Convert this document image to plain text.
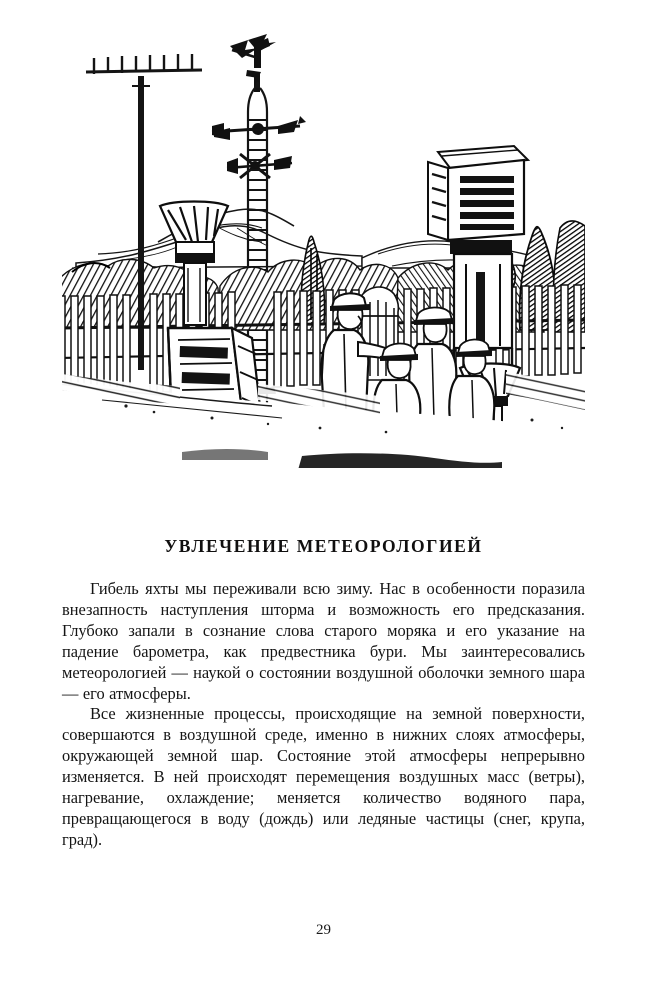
УВЛЕЧЕНИЕ МЕТЕОРОЛОГИЕЙ

Гибель яхты мы переживали всю зиму. Нас в особенности поразила внезапность наступления шторма и возможность его предсказания. Глубоко запали в сознание слова старого моряка и его указание на падение барометра, как предвестника бури. Мы заинтересовались метеорологией — наукой о состоянии воздушной оболочки земного шара — его атмосферы.

Все жизненные процессы, происходящие на земной поверхности, совершаются в воздушной среде, именно в нижних слоях атмосферы, окружающей земной шар. Состояние этой атмосферы непрерывно изменяется. В ней происходят перемещения воздушных масс (ветры), нагревание, охлаждение; меняется количество водяного пара, превращающегося в воду (дождь) или ледяные частицы (снег, крупа, град).

29
